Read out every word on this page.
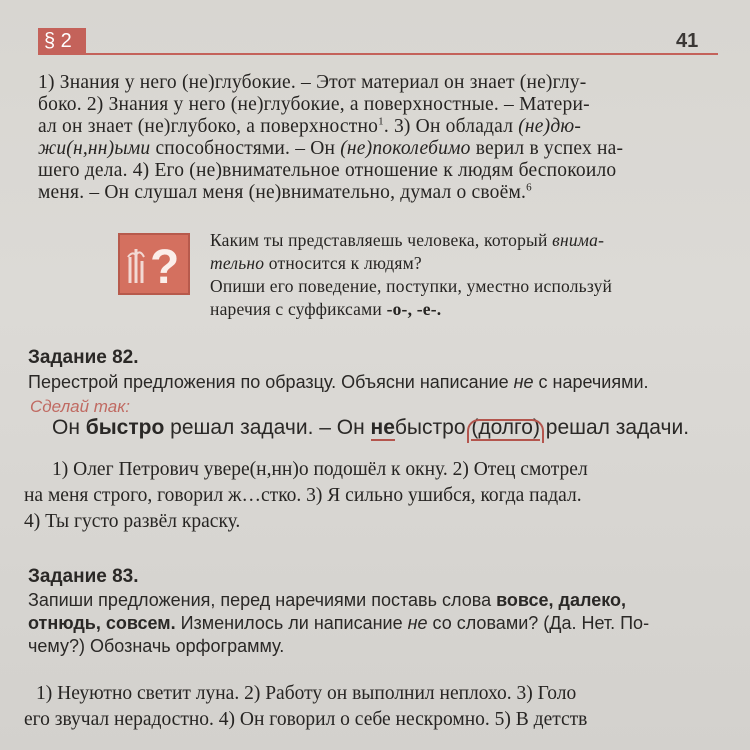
§ 2	41

1) Знания у него (не)глубокие. – Этот материал он знает (не)глу-

боко. 2) Знания у него (не)глубокие, а поверхностные. – Матери-

ал он знает (не)глубоко, а поверхностно$^1$. 3) Он обладал (не)дю-

жи(н,нн)ыми способностями. – Он (не)поколебимо верил в успех на-

шего дела. 4) Его (не)внимательное отношение к людям беспокоило

меня. – Он слушал меня (не)внимательно, думал о своём.$^6$

?

Каким ты представляешь человека, который внима-

тельно относится к людям?

Опиши его поведение, поступки, уместно используй

наречия с суффиксами -о-, -е-.

Задание 82.
Перестрой предложения по образцу. Объясни написание не с наречиями.
Сделай так:
Он быстро решал задачи. – Он небыстро (долго) решал задачи.

1) Олег Петрович увере(н,нн)о подошёл к окну. 2) Отец смотрел

на меня строго, говорил ж…стко. 3) Я сильно ушибся, когда падал.

4) Ты густо развёл краску.

Задание 83.
Запиши предложения, перед наречиями поставь слова вовсе, далеко,
отнюдь, совсем. Изменилось ли написание не со словами? (Да. Нет. По-
чему?) Обозначь орфограмму.

1) Неуютно светит луна. 2) Работу он выполнил неплохо. 3) Голо

его звучал нерадостно. 4) Он говорил о себе нескромно. 5) В детств
